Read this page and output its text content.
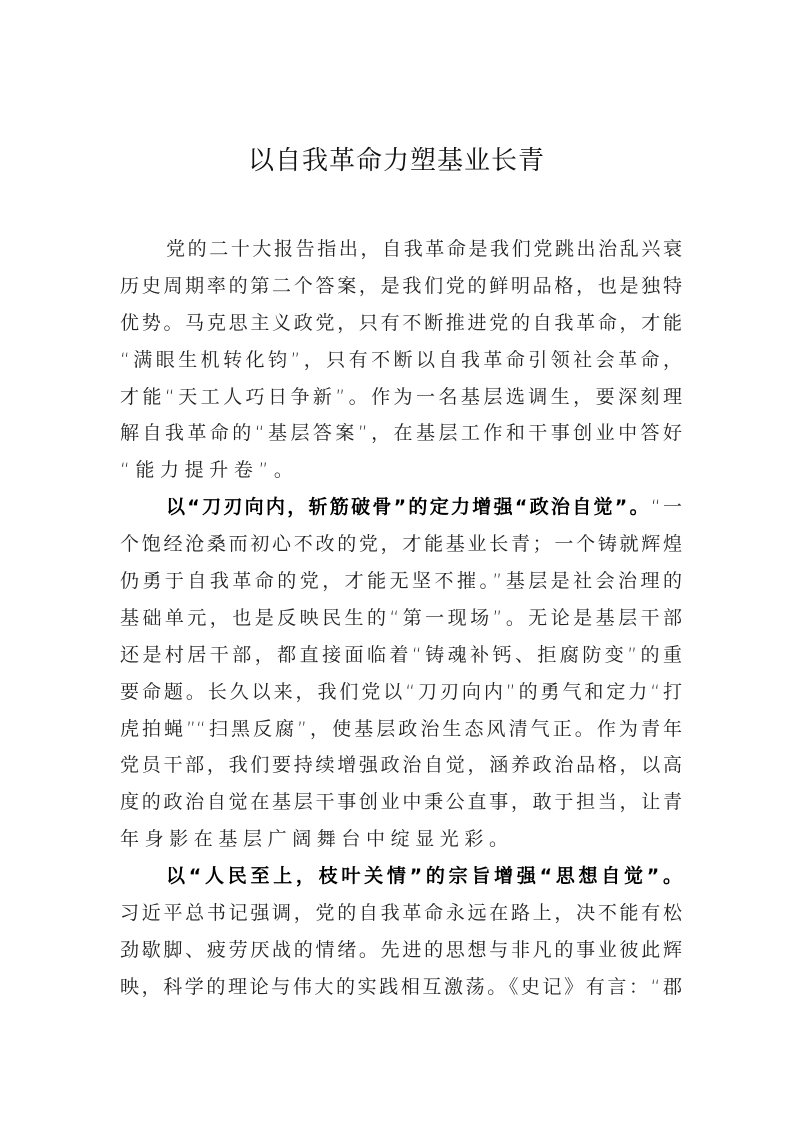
以自我革命力塑基业长青
党的二十大报告指出，自我革命是我们党跳出治乱兴衰
历史周期率的第二个答案，是我们党的鲜明品格，也是独特
优势。马克思主义政党，只有不断推进党的自我革命，才能
“满眼生机转化钧”，只有不断以自我革命引领社会革命，
才能“天工人巧日争新”。作为一名基层选调生，要深刻理
解自我革命的“基层答案”，在基层工作和干事创业中答好
“能力提升卷”。
以“刀刃向内，斩筋破骨”的定力增强“政治自觉”。“一
个饱经沧桑而初心不改的党，才能基业长青；一个铸就辉煌
仍勇于自我革命的党，才能无坚不摧。”基层是社会治理的
基础单元，也是反映民生的“第一现场”。无论是基层干部
还是村居干部，都直接面临着“铸魂补钙、拒腐防变”的重
要命题。长久以来，我们党以“刀刃向内”的勇气和定力“打
虎拍蝇”“扫黑反腐”，使基层政治生态风清气正。作为青年
党员干部，我们要持续增强政治自觉，涵养政治品格，以高
度的政治自觉在基层干事创业中秉公直事，敢于担当，让青
年身影在基层广阔舞台中绽显光彩。
以“人民至上，枝叶关情”的宗旨增强“思想自觉”。
习近平总书记强调，党的自我革命永远在路上，决不能有松
劲歇脚、疲劳厌战的情绪。先进的思想与非凡的事业彼此辉
映，科学的理论与伟大的实践相互激荡。《史记》有言：“郡
